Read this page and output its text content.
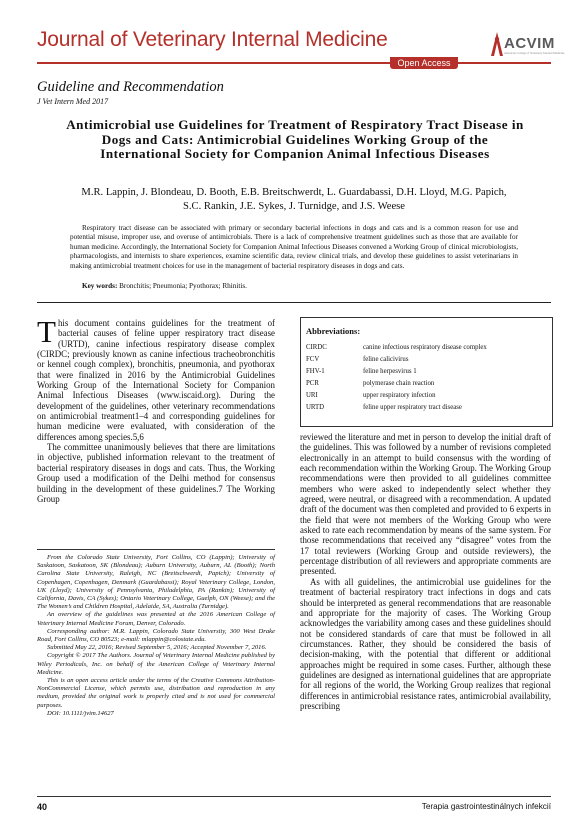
Journal of Veterinary Internal Medicine	ACVIM
American College of Veterinary Internal Medicine
Open Access
Guideline and Recommendation
J Vet Intern Med 2017
Antimicrobial use Guidelines for Treatment of Respiratory Tract Disease in Dogs and Cats: Antimicrobial Guidelines Working Group of the International Society for Companion Animal Infectious Diseases
M.R. Lappin, J. Blondeau, D. Booth, E.B. Breitschwerdt, L. Guardabassi, D.H. Lloyd, M.G. Papich,
S.C. Rankin, J.E. Sykes, J. Turnidge, and J.S. Weese
Respiratory tract disease can be associated with primary or secondary bacterial infections in dogs and cats and is a common reason for use and potential misuse, improper use, and overuse of antimicrobials. There is a lack of comprehensive treatment guidelines such as those that are available for human medicine. Accordingly, the International Society for Companion Animal Infectious Diseases convened a Working Group of clinical microbiologists, pharmacologists, and internists to share experiences, examine scientific data, review clinical trials, and develop these guidelines to assist veterinarians in making antimicrobial treatment choices for use in the management of bacterial respiratory diseases in dogs and cats.
Key words: Bronchitis; Pneumonia; Pyothorax; Rhinitis.

This document contains guidelines for the treatment of bacterial causes of feline upper respiratory tract disease (URTD), canine infectious respiratory disease complex (CIRDC; previously known as canine infectious tracheobronchitis or kennel cough complex), bronchitis, pneumonia, and pyothorax that were finalized in 2016 by the Antimicrobial Guidelines Working Group of the International Society for Companion Animal Infectious Diseases (www.iscaid.org). During the development of the guidelines, other veterinary recommendations on antimicrobial treatment1–4 and corresponding guidelines for human medicine were evaluated, with consideration of the differences among species.5,6

The committee unanimously believes that there are limitations in objective, published information relevant to the treatment of bacterial respiratory diseases in dogs and cats. Thus, the Working Group used a modification of the Delhi method for consensus building in the development of these guidelines.7 The Working Group

Abbreviations:
CIRDC	canine infectious respiratory disease complex
FCV	feline calicivirus
FHV-1	feline herpesvirus 1
PCR	polymerase chain reaction
URI	upper respiratory infection
URTD	feline upper respiratory tract disease

reviewed the literature and met in person to develop the initial draft of the guidelines. This was followed by a number of revisions completed electronically in an attempt to build consensus with the wording of each recommendation within the Working Group. The Working Group recommendations were then provided to all guidelines committee members who were asked to independently select whether they agreed, were neutral, or disagreed with a recommendation. A updated draft of the document was then completed and provided to 6 experts in the field that were not members of the Working Group who were asked to rate each recommendation by means of the same system. For those recommendations that received any “disagree” votes from the 17 total reviewers (Working Group and outside reviewers), the percentage distribution of all reviewers and appropriate comments are presented.

As with all guidelines, the antimicrobial use guidelines for the treatment of bacterial respiratory tract infections in dogs and cats should be interpreted as general recommendations that are reasonable and appropriate for the majority of cases. The Working Group acknowledges the variability among cases and these guidelines should not be considered standards of care that must be followed in all circumstances. Rather, they should be considered the basis of decision-making, with the potential that different or additional approaches might be required in some cases. Further, although these guidelines are designed as international guidelines that are appropriate for all regions of the world, the Working Group realizes that regional differences in antimicrobial resistance rates, antimicrobial availability, prescribing

From the Colorado State University, Fort Collins, CO (Lappin); University of Saskatoon, Saskatoon, SK (Blondeau); Auburn University, Auburn, AL (Booth); North Carolina State University, Raleigh, NC (Breitschwerdt, Papich); University of Copenhagen, Copenhagen, Denmark (Guardabassi); Royal Veterinary College, London, UK (Lloyd); University of Pennsylvania, Philadelphia, PA (Rankin); University of California, Davis, CA (Sykes); Ontario Veterinary College, Guelph, ON (Weese); and the The Women’s and Children Hospital, Adelaide, SA, Australia (Turnidge).

An overview of the guidelines was presented at the 2016 American College of Veterinary Internal Medicine Forum, Denver, Colorado.

Corresponding author: M.R. Lappin, Colorado State University, 300 West Drake Road, Fort Collins, CO 80523; e-mail: mlappin@colostate.edu.

Submitted May 22, 2016; Revised September 5, 2016; Accepted November 7, 2016.

Copyright © 2017 The Authors. Journal of Veterinary Internal Medicine published by Wiley Periodicals, Inc. on behalf of the American College of Veterinary Internal Medicine.

This is an open access article under the terms of the Creative Commons Attribution-NonCommercial License, which permits use, distribution and reproduction in any medium, provided the original work is properly cited and is not used for commercial purposes.

DOI: 10.1111/jvim.14627

40	Terapia gastrointestinálnych infekcií
